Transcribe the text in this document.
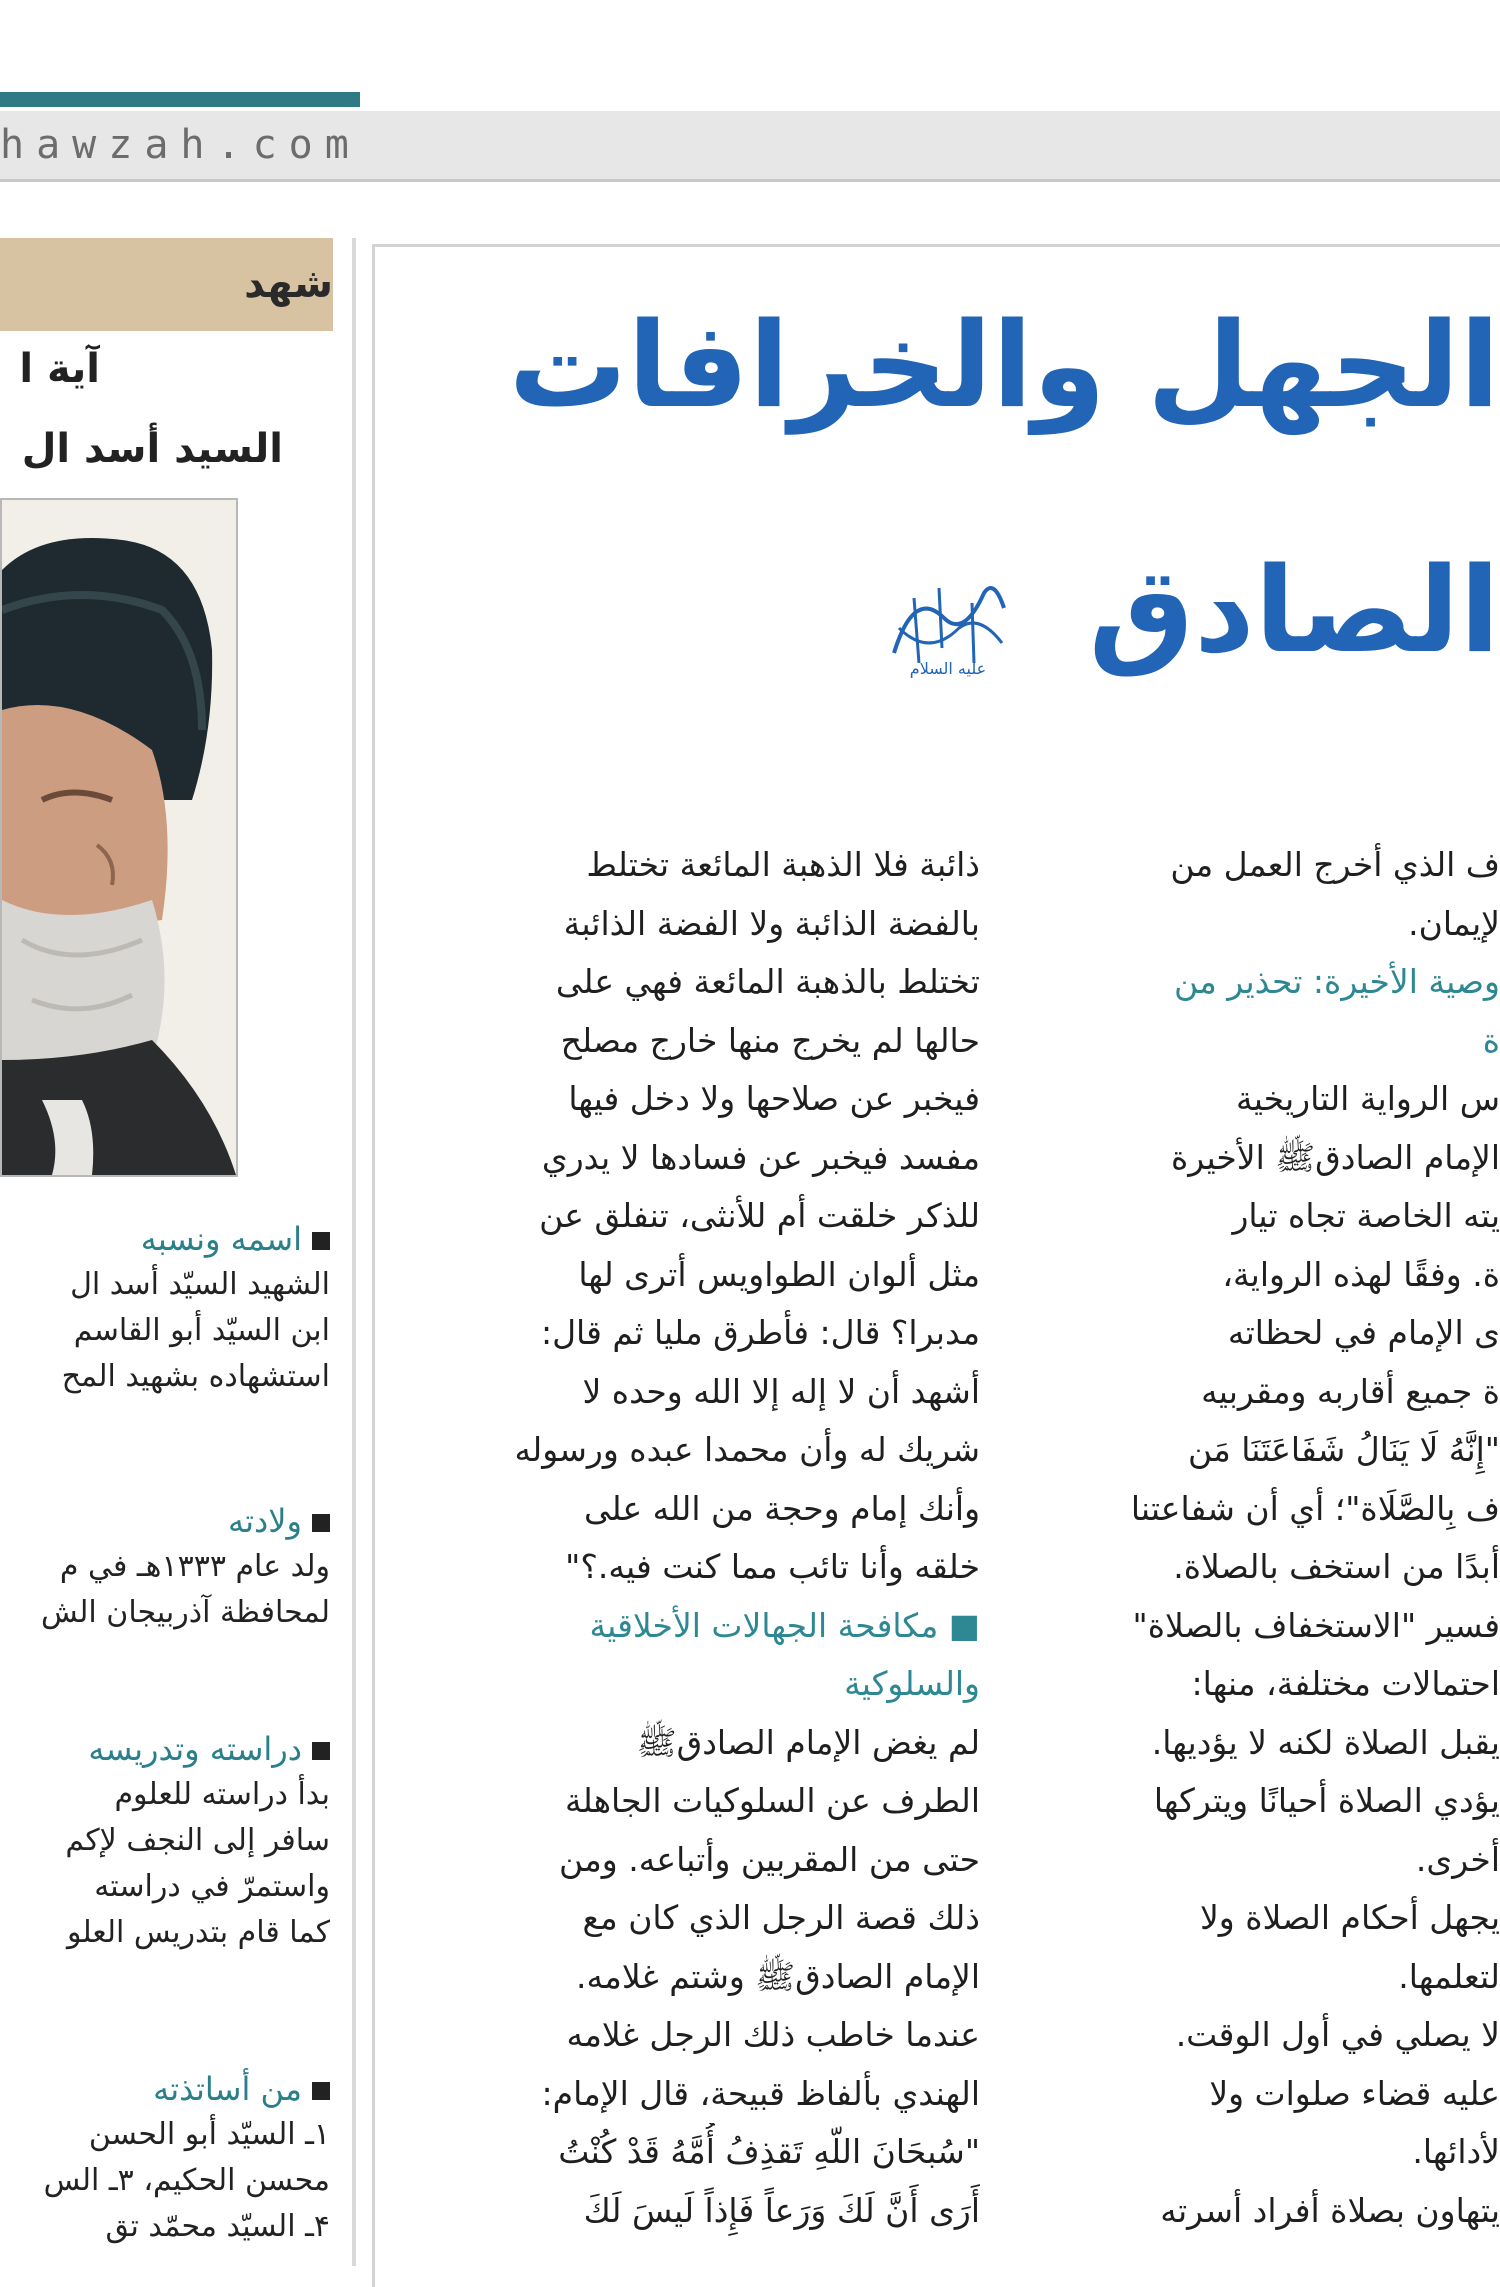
hawzah.com
شهد
آية ا
السيد أسد ال
اسمه ونسبه
الشهيد السيّد أسد ال
ابن السيّد أبو القاسم
استشهاده بشهيد المح
ولادته
ولد عام ۱۳۳۳هـ في م
لمحافظة آذربيجان الش
دراسته وتدريسه
بدأ دراسته للعلوم
سافر إلى النجف لإكم
واستمرّ في دراسته
كما قام بتدريس العلو
من أساتذته
۱ـ السيّد أبو الحسن
محسن الحكيم، ۳ـ الس
۴ـ السيّد محمّد تق
الجهل والخرافات
الصادق
عليه السلام
ذائبة فلا الذهبة المائعة تختلط
بالفضة الذائبة ولا الفضة الذائبة
تختلط بالذهبة المائعة فهي على
حالها لم يخرج منها خارج مصلح
فيخبر عن صلاحها ولا دخل فيها
مفسد فيخبر عن فسادها لا يدري
للذكر خلقت أم للأنثى، تنفلق عن
مثل ألوان الطواويس أترى لها
مدبرا؟ قال: فأطرق مليا ثم قال:
أشهد أن لا إله إلا الله وحده لا
شريك له وأن محمدا عبده ورسوله
وأنك إمام وحجة من الله على
خلقه وأنا تائب مما كنت فيه.؟"
■ مكافحة الجهالات الأخلاقية
والسلوكية
لم يغض الإمام الصادقﷺ
الطرف عن السلوكيات الجاهلة
حتى من المقربين وأتباعه. ومن
ذلك قصة الرجل الذي كان مع
الإمام الصادقﷺ وشتم غلامه.
عندما خاطب ذلك الرجل غلامه
الهندي بألفاظ قبيحة، قال الإمام:
"سُبحَانَ اللّهِ تَقذِفُ أُمَّهُ قَدْ كُنْتُ
أَرَى أَنَّ لَكَ وَرَعاً فَإِذاً لَيسَ لَكَ
ف الذي أخرج العمل من
لإيمان.
وصية الأخيرة: تحذير من
ة
س الرواية التاريخية
الإمام الصادقﷺ الأخيرة
يته الخاصة تجاه تيار
ة. وفقًا لهذه الرواية،
ى الإمام في لحظاته
ة جميع أقاربه ومقربيه
"إِنَّهُ لَا يَنَالُ شَفَاعَتَنَا مَن
ف بِالصَّلَاة"؛ أي أن شفاعتنا
أبدًا من استخف بالصلاة.
فسير "الاستخفاف بالصلاة"
احتمالات مختلفة، منها:
يقبل الصلاة لكنه لا يؤديها.
يؤدي الصلاة أحيانًا ويتركها
أخرى.
يجهل أحكام الصلاة ولا
لتعلمها.
لا يصلي في أول الوقت.
عليه قضاء صلوات ولا
لأدائها.
يتهاون بصلاة أفراد أسرته
